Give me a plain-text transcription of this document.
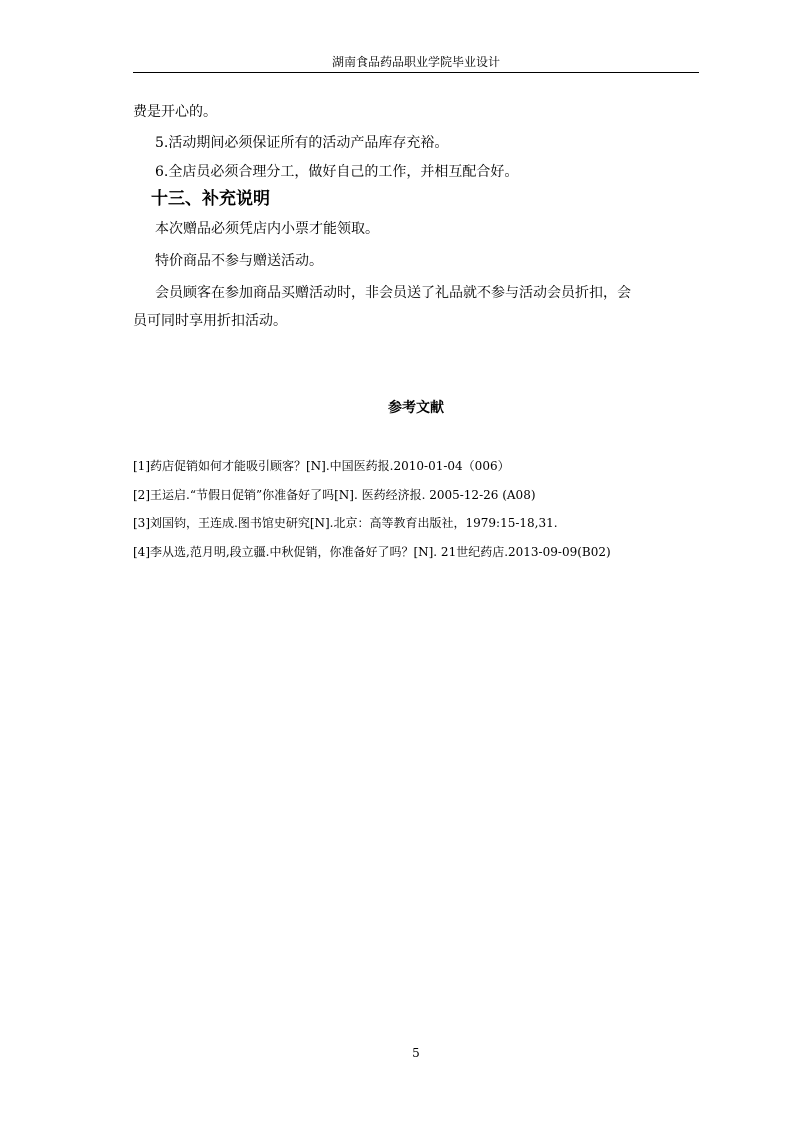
湖南食品药品职业学院毕业设计
费是开心的。
5.活动期间必须保证所有的活动产品库存充裕。
6.全店员必须合理分工，做好自己的工作，并相互配合好。
十三、补充说明
本次赠品必须凭店内小票才能领取。
特价商品不参与赠送活动。
会员顾客在参加商品买赠活动时，非会员送了礼品就不参与活动会员折扣，会
员可同时享用折扣活动。
参考文献
[1]药店促销如何才能吸引顾客？[N].中国医药报.2010-01-04（006）
[2]王运启.“节假日促销”你准备好了吗[N]. 医药经济报. 2005-12-26 (A08)
[3]刘国钧，王连成.图书馆史研究[N].北京：高等教育出版社，1979:15-18,31.
[4]李从选,范月明,段立疆.中秋促销，你准备好了吗？[N]. 21世纪药店.2013-09-09(B02)
5
